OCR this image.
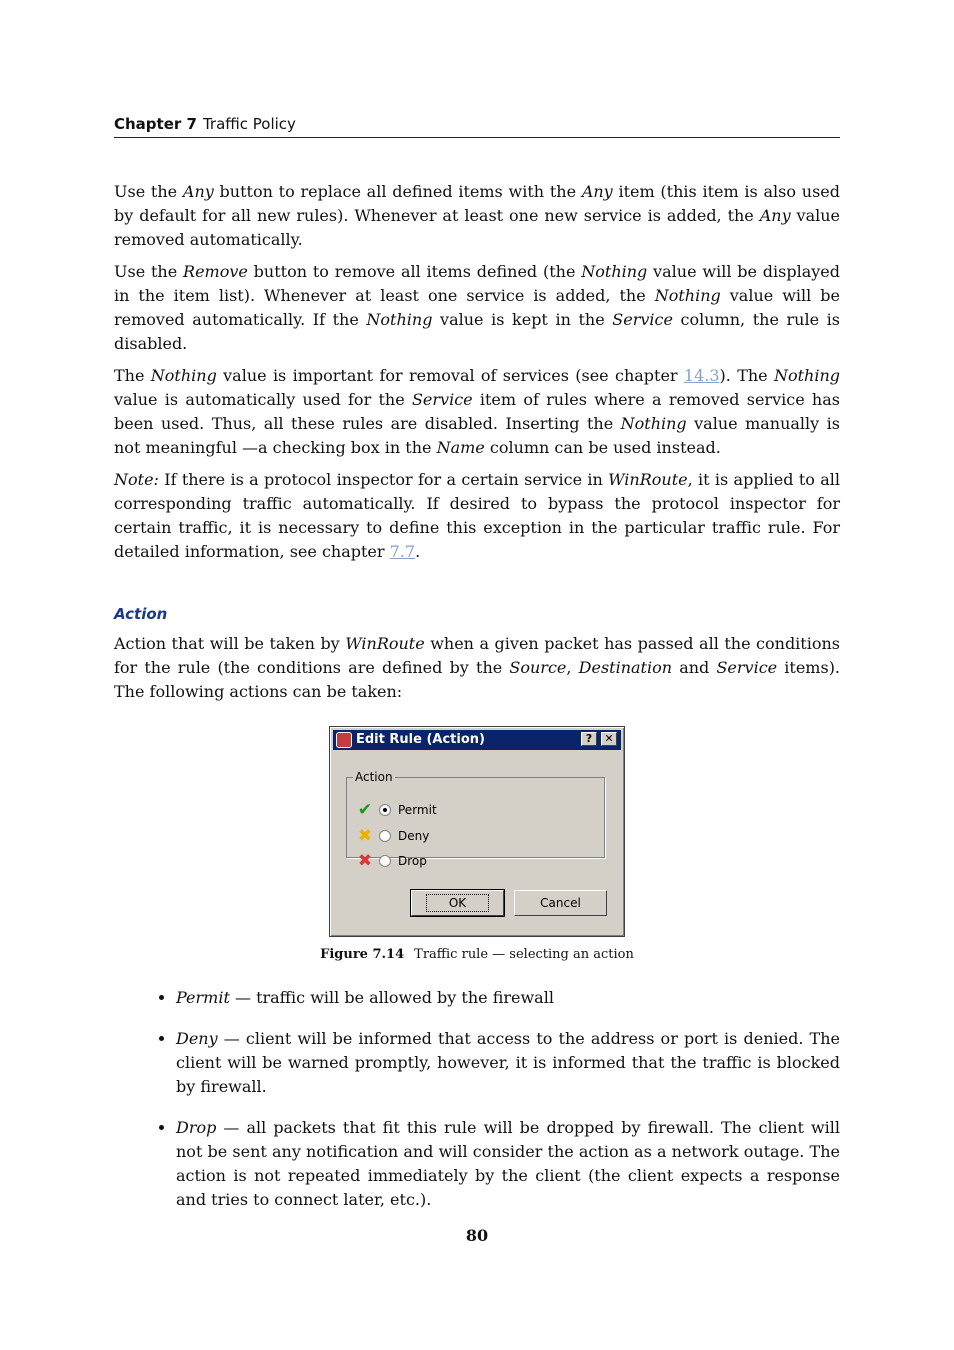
Chapter 7 Traffic Policy

Use the Any button to replace all defined items with the Any item (this item is also used by default for all new rules). Whenever at least one new service is added, the Any value removed automatically.

Use the Remove button to remove all items defined (the Nothing value will be displayed in the item list). Whenever at least one service is added, the Nothing value will be removed automatically. If the Nothing value is kept in the Service column, the rule is disabled.

The Nothing value is important for removal of services (see chapter 14.3). The Nothing value is automatically used for the Service item of rules where a removed service has been used. Thus, all these rules are disabled. Inserting the Nothing value manually is not meaningful —a checking box in the Name column can be used instead.

Note: If there is a protocol inspector for a certain service in WinRoute, it is applied to all corresponding traffic automatically. If desired to bypass the protocol inspector for certain traffic, it is necessary to define this exception in the particular traffic rule. For detailed information, see chapter 7.7.

Action

Action that will be taken by WinRoute when a given packet has passed all the conditions for the rule (the conditions are defined by the Source, Destination and Service items). The following actions can be taken:

Edit Rule (Action)	?	✕
Action
✔ Permit
✖ Deny
✖ Drop
OK	Cancel
Figure 7.14 Traffic rule — selecting an action
• Permit — traffic will be allowed by the firewall
• Deny — client will be informed that access to the address or port is denied. The client will be warned promptly, however, it is informed that the traffic is blocked by firewall.
• Drop — all packets that fit this rule will be dropped by firewall. The client will not be sent any notification and will consider the action as a network outage. The action is not repeated immediately by the client (the client expects a response and tries to connect later, etc.).
80
